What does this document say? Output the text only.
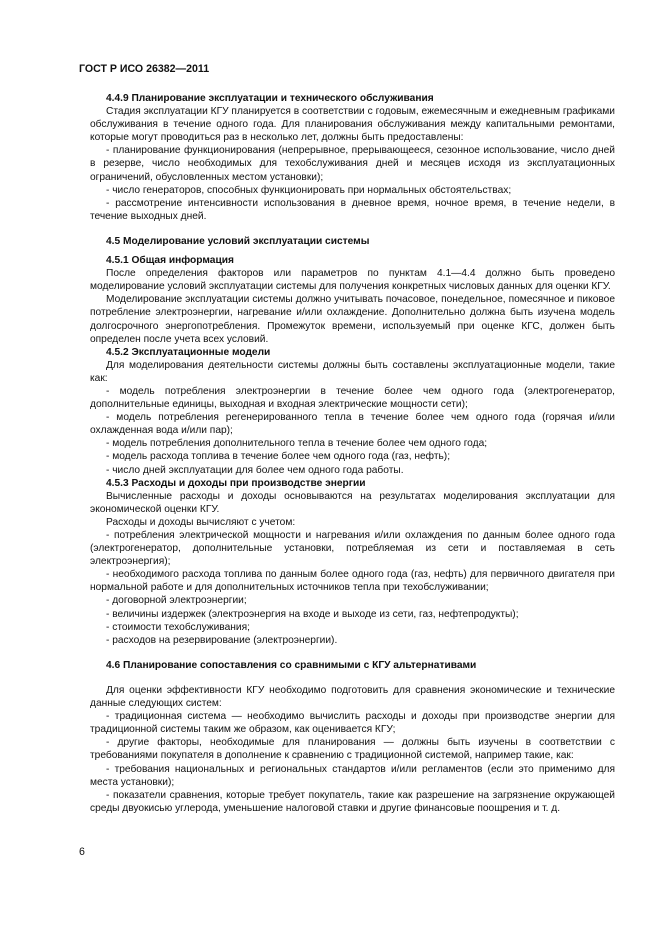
ГОСТ Р ИСО 26382—2011
4.4.9 Планирование эксплуатации и технического обслуживания
Стадия эксплуатации КГУ планируется в соответствии с годовым, ежемесячным и ежедневным графиками обслуживания в течение одного года. Для планирования обслуживания между капитальными ремонтами, которые могут проводиться раз в несколько лет, должны быть предоставлены:
- планирование функционирования (непрерывное, прерывающееся, сезонное использование, число дней в резерве, число необходимых для техобслуживания дней и месяцев исходя из эксплуатационных ограничений, обусловленных местом установки);
- число генераторов, способных функционировать при нормальных обстоятельствах;
- рассмотрение интенсивности использования в дневное время, ночное время, в течение недели, в течение выходных дней.
4.5 Моделирование условий эксплуатации системы
4.5.1 Общая информация
После определения факторов или параметров по пунктам 4.1—4.4 должно быть проведено моделирование условий эксплуатации системы для получения конкретных числовых данных для оценки КГУ.
Моделирование эксплуатации системы должно учитывать почасовое, понедельное, помесячное и пиковое потребление электроэнергии, нагревание и/или охлаждение. Дополнительно должна быть изучена модель долгосрочного энергопотребления. Промежуток времени, используемый при оценке КГС, должен быть определен после учета всех условий.
4.5.2 Эксплуатационные модели
Для моделирования деятельности системы должны быть составлены эксплуатационные модели, такие как:
- модель потребления электроэнергии в течение более чем одного года (электрогенератор, дополнительные единицы, выходная и входная электрические мощности сети);
- модель потребления регенерированного тепла в течение более чем одного года (горячая и/или охлажденная вода и/или пар);
- модель потребления дополнительного тепла в течение более чем одного года;
- модель расхода топлива в течение более чем одного года (газ, нефть);
- число дней эксплуатации для более чем одного года работы.
4.5.3 Расходы и доходы при производстве энергии
Вычисленные расходы и доходы основываются на результатах моделирования эксплуатации для экономической оценки КГУ.
Расходы и доходы вычисляют с учетом:
- потребления электрической мощности и нагревания и/или охлаждения по данным более одного года (электрогенератор, дополнительные установки, потребляемая из сети и поставляемая в сеть электроэнергия);
- необходимого расхода топлива по данным более одного года (газ, нефть) для первичного двигателя при нормальной работе и для дополнительных источников тепла при техобслуживании;
- договорной электроэнергии;
- величины издержек (электроэнергия на входе и выходе из сети, газ, нефтепродукты);
- стоимости техобслуживания;
- расходов на резервирование (электроэнергии).
4.6 Планирование сопоставления со сравнимыми с КГУ альтернативами
Для оценки эффективности КГУ необходимо подготовить для сравнения экономические и технические данные следующих систем:
- традиционная система — необходимо вычислить расходы и доходы при производстве энергии для традиционной системы таким же образом, как оценивается КГУ;
- другие факторы, необходимые для планирования — должны быть изучены в соответствии с требованиями покупателя в дополнение к сравнению с традиционной системой, например такие, как:
- требования национальных и региональных стандартов и/или регламентов (если это применимо для места установки);
- показатели сравнения, которые требует покупатель, такие как разрешение на загрязнение окружающей среды двуокисью углерода, уменьшение налоговой ставки и другие финансовые поощрения и т. д.
6
